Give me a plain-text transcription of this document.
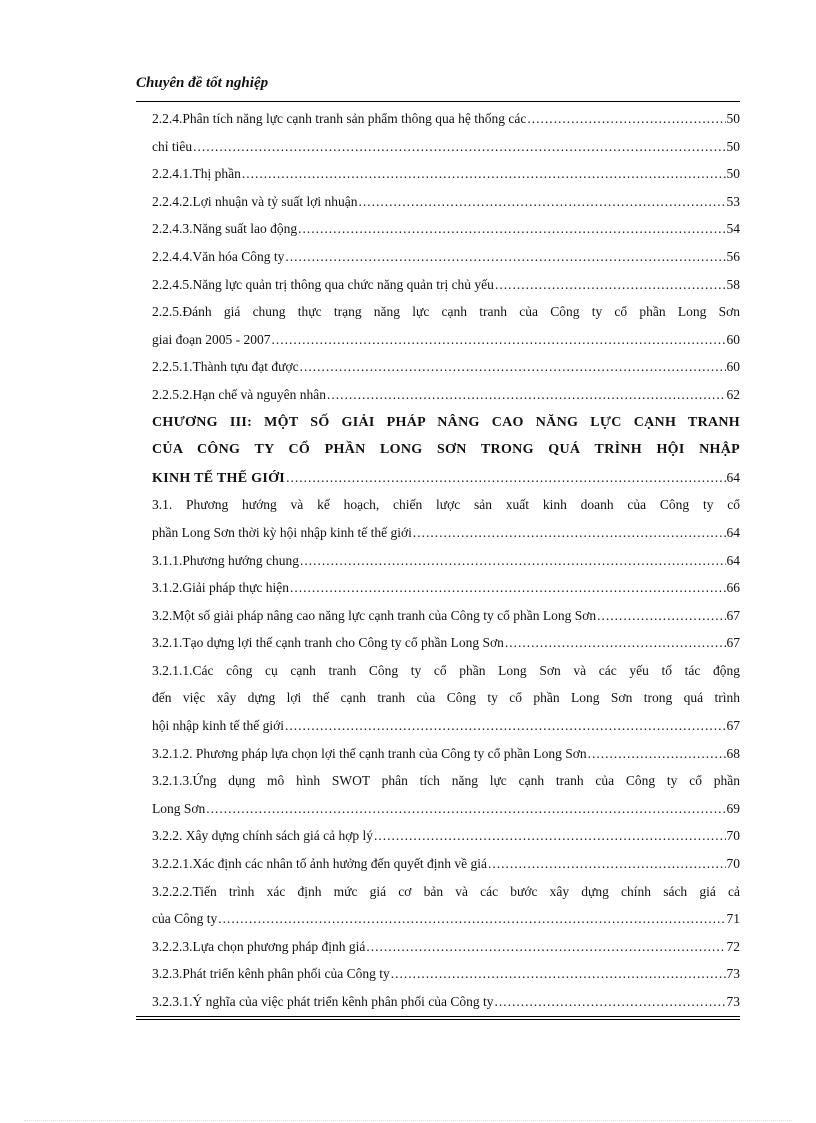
Chuyên đề tốt nghiệp
2.2.4.Phân tích năng lực cạnh tranh sản phẩm thông qua hệ thống các .....	50
chỉ tiêu .....	50
2.2.4.1.Thị phần .....	50
2.2.4.2.Lợi nhuận và tỷ suất lợi nhuận .....	53
2.2.4.3.Năng suất lao động .....	54
2.2.4.4.Văn hóa Công ty .....	56
2.2.4.5.Năng lực quản trị thông qua chức năng quản trị chủ yếu .....	58
2.2.5.Đánh giá chung thực trạng năng lực cạnh tranh của Công ty cổ phần Long Sơn
giai đoạn 2005 - 2007 .....	60
2.2.5.1.Thành tựu đạt được .....	60
2.2.5.2.Hạn chế và nguyên nhân .....	62
CHƯƠNG III: MỘT SỐ GIẢI PHÁP NÂNG CAO NĂNG LỰC CẠNH TRANH
CỦA CÔNG TY CỔ PHẦN LONG SƠN TRONG QUÁ TRÌNH HỘI NHẬP
KINH TẾ THẾ GIỚI .....	64
3.1. Phương hướng và kế hoạch, chiến lược sản xuất kinh doanh của Công ty cổ
phần Long Sơn thời kỳ hội nhập kinh tế thế giới .....	64
3.1.1.Phương hướng chung .....	64
3.1.2.Giải pháp thực hiện .....	66
3.2.Một số giải pháp nâng cao năng lực cạnh tranh của Công ty cổ phần Long Sơn .....	67
3.2.1.Tạo dựng lợi thế cạnh tranh cho Công ty cổ phần Long Sơn .....	67
3.2.1.1.Các công cụ cạnh tranh Công ty cổ phần Long Sơn và các yếu tố tác động
đến việc xây dựng lợi thế cạnh tranh của Công ty cổ phần Long Sơn trong quá trình
hội nhập kinh tế thế giới .....	67
3.2.1.2. Phương pháp lựa chọn lợi thế cạnh tranh của Công ty cổ phần Long Sơn .....	68
3.2.1.3.Ứng dụng mô hình SWOT phân tích năng lực cạnh tranh của Công ty cổ phần
Long Sơn .....	69
3.2.2. Xây dựng chính sách giá cả hợp lý .....	70
3.2.2.1.Xác định các nhân tố ảnh hưởng đến quyết định về giá .....	70
3.2.2.2.Tiến trình xác định mức giá cơ bản và các bước xây dựng chính sách giá cả
của Công ty .....	71
3.2.2.3.Lựa chọn phương pháp định giá .....	72
3.2.3.Phát triển kênh phân phối của Công ty .....	73
3.2.3.1.Ý nghĩa của việc phát triển kênh phân phối của Công ty .....	73
